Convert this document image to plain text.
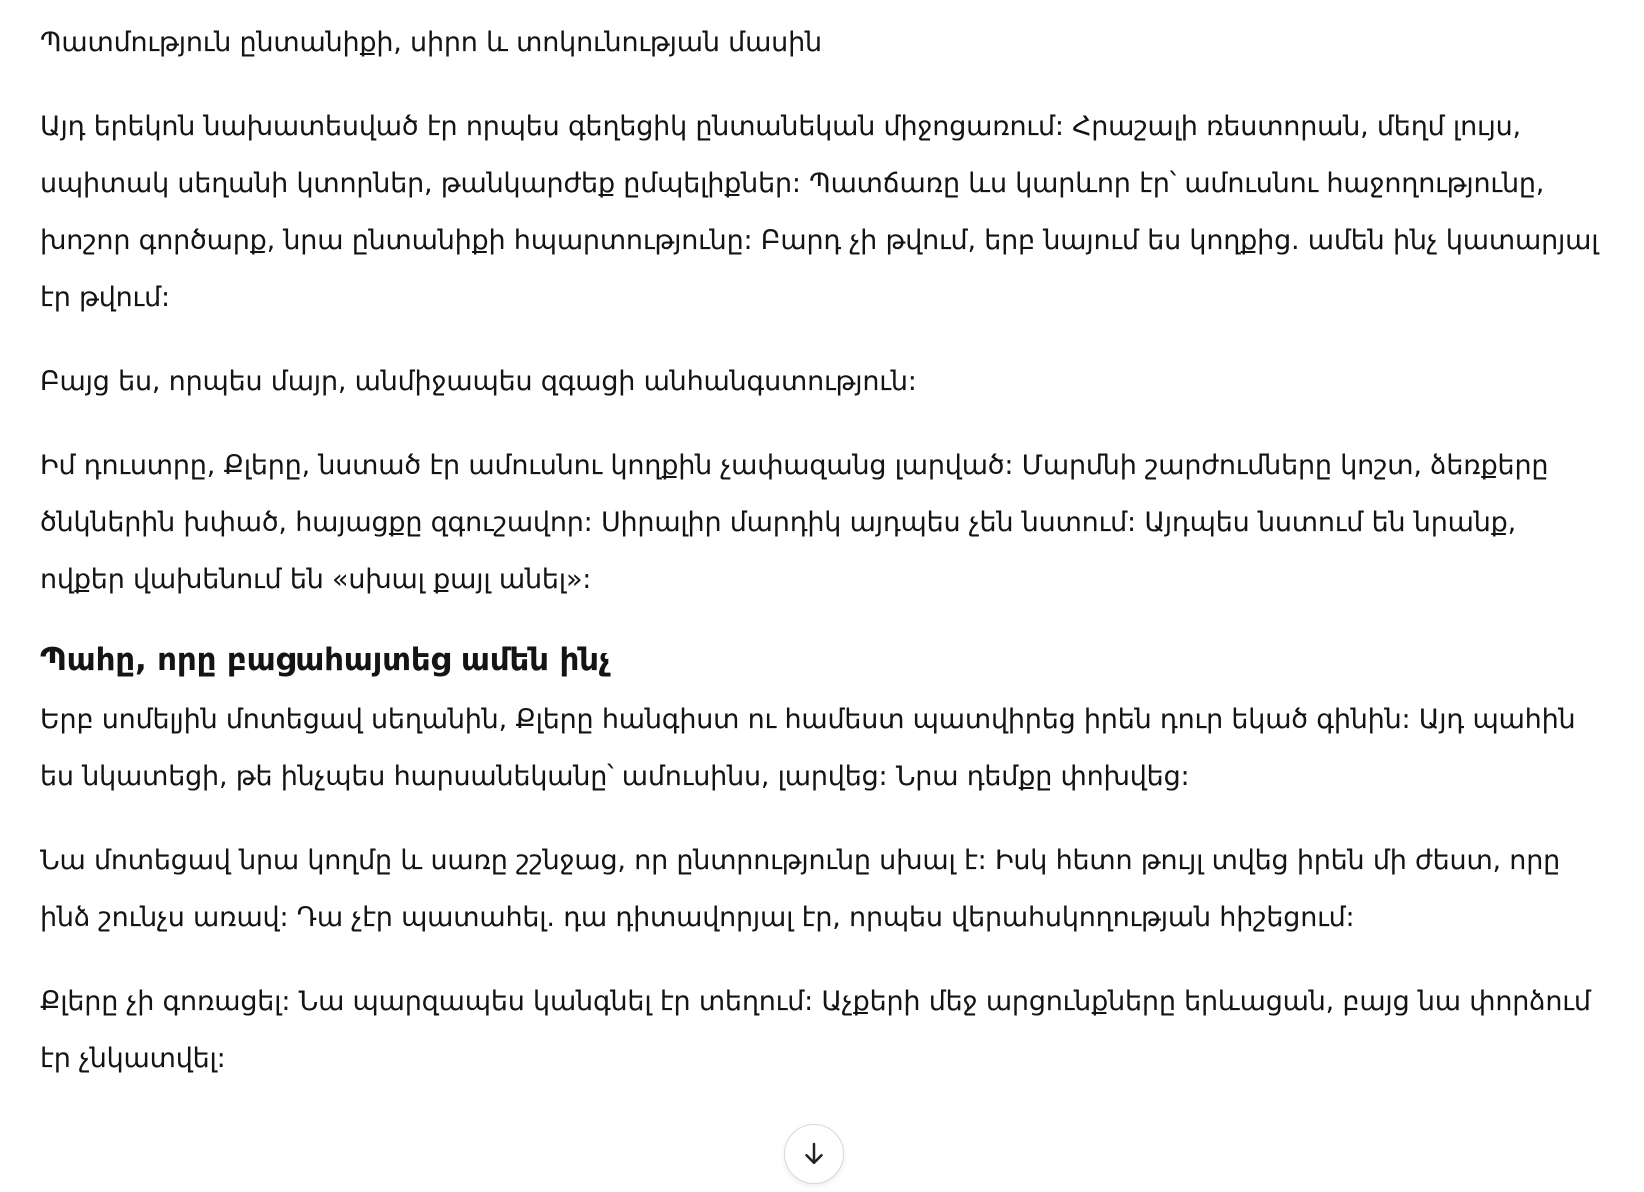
Պատմություն ընտանիքի, սիրո և տոկունության մասին

Այդ երեկոն նախատեսված էր որպես գեղեցիկ ընտանեկան միջոցառում: Հրաշալի ռեստորան, մեղմ լույս, սպիտակ սեղանի կտորներ, թանկարժեք ըմպելիքներ: Պատճառը ևս կարևոր էր՝ ամուսնու հաջողությունը, խոշոր գործարք, նրա ընտանիքի հպարտությունը: Բարդ չի թվում, երբ նայում ես կողքից. ամեն ինչ կատարյալ էր թվում:

Բայց ես, որպես մայր, անմիջապես զգացի անհանգստություն:

Իմ դուստրը, Քլերը, նստած էր ամուսնու կողքին չափազանց լարված: Մարմնի շարժումները կոշտ, ձեռքերը ծնկներին խփած, հայացքը զգուշավոր: Սիրալիր մարդիկ այդպես չեն նստում: Այդպես նստում են նրանք, ովքեր վախենում են «սխալ քայլ անել»:

Պահը, որը բացահայտեց ամեն ինչ

Երբ սոմելյին մոտեցավ սեղանին, Քլերը հանգիստ ու համեստ պատվիրեց իրեն դուր եկած գինին: Այդ պահին ես նկատեցի, թե ինչպես հարսանեկանը՝ ամուսինս, լարվեց: Նրա դեմքը փոխվեց:

Նա մոտեցավ նրա կողմը և սառը շշնջաց, որ ընտրությունը սխալ է: Իսկ հետո թույլ տվեց իրեն մի ժեստ, որը ինձ շունչս առավ: Դա չէր պատահել. դա դիտավորյալ էր, որպես վերահսկողության հիշեցում:

Քլերը չի գոռացել: Նա պարզապես կանգնել էր տեղում: Աչքերի մեջ արցունքները երևացան, բայց նա փորձում էր չնկատվել:
